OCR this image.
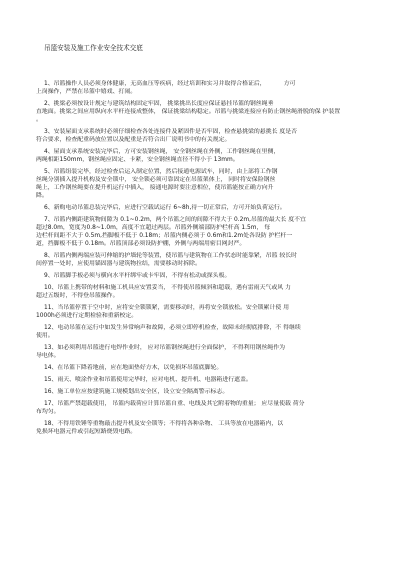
吊篮安装及施工作业安全技术交底
1、吊篮操作人员必须身体健康，无高血压等疾病，经过培训和实习并取得合格证后，	方可
上岗操作，严禁在吊篮中嬉戏、打闹。
2、挑梁必须按设计规定与建筑结构固定牢固， 挑梁挑出长度应保证悬挂吊篮的钢丝绳垂
直地面。挑梁之间应用纵向水平杆连接成整体， 保证挑梁结构稳定。吊篮与挑梁连接应有防止钢丝绳滑脱的保 护装置
。
3、安装屋面支承系统时必须仔细检查各处连接件及紧固件是否牢固，检查悬挑梁的悬挑长 度是否
符合要求，检查配重码放位置以及配重是否符合出厂说明书中的有关规定。
4、屋面支承系统安装完毕后，方可安装钢丝绳， 安全钢丝绳在外侧，工作钢丝绳在里侧，
两绳相距150mm，钢丝绳应固定、卡紧，安全钢丝绳直径不得小于 13mm。
5、吊篮组装完毕，经过检查后运入制定位置，然后接通电源试车，同时，由上部将工作钢
丝绳分别插入提升机构及安全锁中， 安全锁必须可靠固定在吊篮架体上， 同时将安保险钢丝
绳上，工作钢丝绳要在提升机运行中插入， 接通电源时要注意相位，使吊篮能按正确方向升
降。
6、新购电动吊篮总装完毕后，应进行空载试运行 6~8h,待一切正常后，方可开始负荷运行。
7、吊篮内侧距建筑物间隙为 0.1~0.2m，两个吊篮之间的间隙不得大于 0.2m,吊篮的最大长 度不宜
超过8.0m，宽度为0.8~1.0m，高度不宜超过两层。吊篮外侧端部防护栏杆高 1.5m， 每
边栏杆间距不大于 0.5m,挡脚板不低于 0.18m；吊篮内侧必须于 0.6m和1.2m处各设防 护栏杆一
道，挡脚板不低于 0.18m。吊篮顶部必须设防护棚，外侧与两端用密目网封严。
8、吊篮内侧两端应装可伸缩的护墙轮等装置，使吊篮与建筑物在工作状态时能靠紧，吊篮 较长时
间停置一处时，应使用锚固器与建筑物拉结，需要移动时拆除。
9、吊篮脚手板必须与横向水平杆绑牢或卡牢固，不得有松动或探头板。
10、吊篮上携带的材料和施工机具应安置妥当， 不得使吊篮倾斜和超载，遇有雷雨天气或风 力
超过五级时，不得登吊篮操作。
11、当吊篮停置于空中时，应将安全锁锁紧，需要移动时，再将安全锁放松。安全锁累计使 用
1000h必须进行定期检验和重新校定。
12、电动吊篮在运行中如发生异常响声和故障，必须立即停机检查，故障未经彻底排除，不 得继续
使用。
13、如必须利用吊篮进行电焊作业时， 应对吊篮钢丝绳进行全面保护， 不得利用钢丝绳作为
导电体。
14、在吊篮下降着地前，应在地面垫好方木，以免损坏吊篮底脚轮。
15、雨天、喷涂作业和吊篮使用完毕时，应对电机、提升机、电器箱进行遮盖。
16、施工单位应按建筑施工规模划出安全区，设立安全隔离警示标志。
17、吊篮严禁超载使用， 吊篮内载荷应计算吊篮自重、电线及其它附着物的重量； 应尽量使载 荷分
布均匀。
18、不得用铁锤等重物敲击提升机及安全锁等；不得将各种杂物、 工具等放在电器箱内，以
免损坏电器元件或引起短路烧毁电路。
